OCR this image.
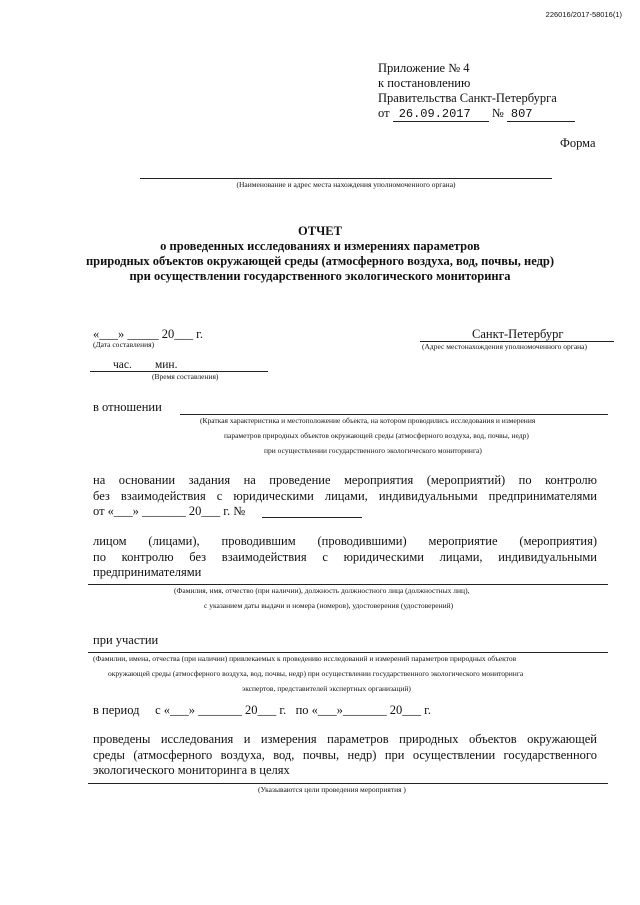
226016/2017-58016(1)
Приложение № 4
к постановлению
Правительства Санкт-Петербурга
от 26.09.2017 № 807
Форма
(Наименование и адрес места нахождения уполномоченного органа)
ОТЧЕТ
о проведенных исследованиях и измерениях параметров
природных объектов окружающей среды (атмосферного воздуха, вод, почвы, недр)
при осуществлении государственного экологического мониторинга
«___» _____ 20___ г.
(Дата составления)
Санкт-Петербург
(Адрес местонахождения уполномоченного органа)
час. мин.
(Время составления)
в отношении
(Краткая характеристика и местоположение объекта, на котором проводились исследования и измерения
параметров природных объектов окружающей среды (атмосферного воздуха, вод, почвы, недр)
при осуществлении государственного экологического мониторинга)
на основании задания на проведение мероприятия (мероприятий) по контролю
без взаимодействия с юридическими лицами, индивидуальными предпринимателями
от «___» _______ 20___ г. №
лицом (лицами), проводившим (проводившими) мероприятие (мероприятия)
по контролю без взаимодействия с юридическими лицами, индивидуальными
предпринимателями
(Фамилия, имя, отчество (при наличии), должность должностного лица (должностных лиц),
с указанием даты выдачи и номера (номеров), удостоверения (удостоверений)
при участии
(Фамилии, имена, отчества (при наличии) привлекаемых к проведению исследований и измерений параметров природных объектов
окружающей среды (атмосферного воздуха, вод, почвы, недр) при осуществлении государственного экологического мониторинга
экспертов, представителей экспертных организаций)
в период     с «___» _______ 20___ г.   по «___»_______ 20___ г.
проведены исследования и измерения параметров природных объектов окружающей
среды (атмосферного воздуха, вод, почвы, недр) при осуществлении государственного
экологического мониторинга в целях
(Указываются цели проведения мероприятия )
